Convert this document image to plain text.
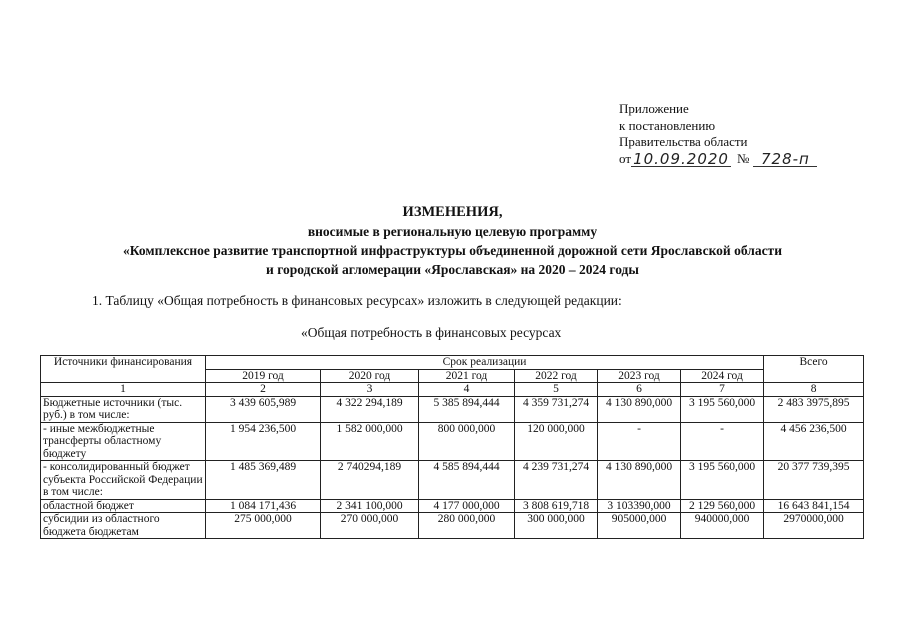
Приложение
к постановлению
Правительства области
от 10.09.2020 № 728-п
ИЗМЕНЕНИЯ,
вносимые в региональную целевую программу
«Комплексное развитие транспортной инфраструктуры объединенной дорожной сети Ярославской области
и городской агломерации «Ярославская» на 2020 – 2024 годы
1. Таблицу «Общая потребность в финансовых ресурсах» изложить в следующей редакции:
«Общая потребность в финансовых ресурсах
Источники финансирования	Срок реализации						Всего
	2019 год	2020 год	2021 год	2022 год	2023 год	2024 год	
1	2	3	4	5	6	7	8
Бюджетные источники (тыс. руб.) в том числе:	3 439 605,989	4 322 294,189	5 385 894,444	4 359 731,274	4 130 890,000	3 195 560,000	2 483 3975,895
- иные межбюджетные трансферты областному бюджету	1 954 236,500	1 582 000,000	800 000,000	120 000,000	-	-	4 456 236,500
- консолидированный бюджет субъекта Российской Федерации в том числе:	1 485 369,489	2 740294,189	4 585 894,444	4 239 731,274	4 130 890,000	3 195 560,000	20 377 739,395
областной бюджет	1 084 171,436	2 341 100,000	4 177 000,000	3 808 619,718	3 103390,000	2 129 560,000	16 643 841,154
субсидии из областного бюджета бюджетам	275 000,000	270 000,000	280 000,000	300 000,000	905000,000	940000,000	2970000,000
